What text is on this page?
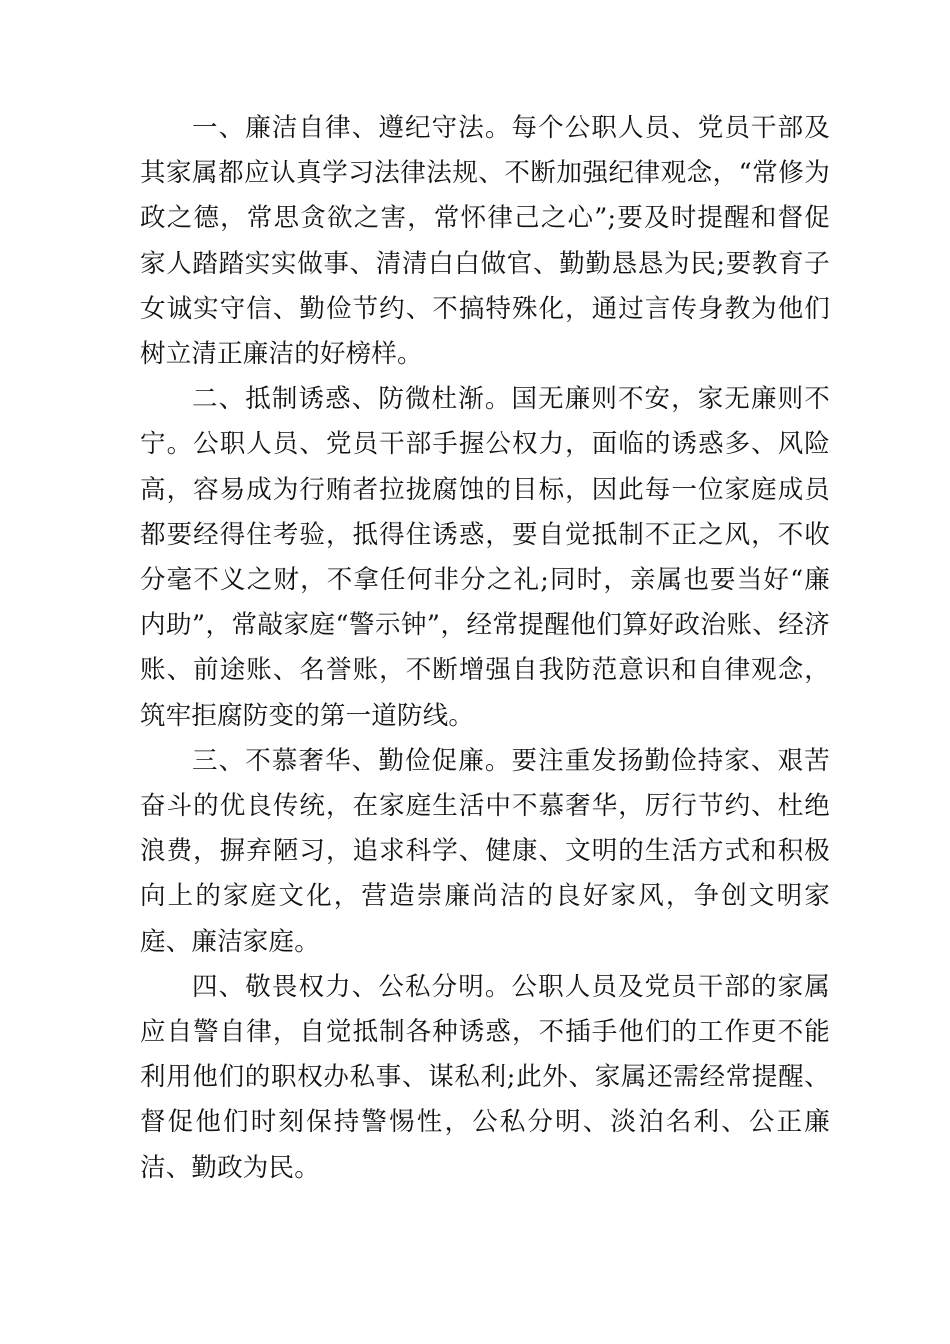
一、廉洁自律、遵纪守法。每个公职人员、党员干部及其家属都应认真学习法律法规、不断加强纪律观念，“常修为政之德，常思贪欲之害，常怀律己之心”;要及时提醒和督促家人踏踏实实做事、清清白白做官、勤勤恳恳为民;要教育子女诚实守信、勤俭节约、不搞特殊化，通过言传身教为他们树立清正廉洁的好榜样。

二、抵制诱惑、防微杜渐。国无廉则不安，家无廉则不宁。公职人员、党员干部手握公权力，面临的诱惑多、风险高，容易成为行贿者拉拢腐蚀的目标，因此每一位家庭成员都要经得住考验，抵得住诱惑，要自觉抵制不正之风，不收分毫不义之财，不拿任何非分之礼;同时，亲属也要当好“廉内助”，常敲家庭“警示钟”，经常提醒他们算好政治账、经济账、前途账、名誉账，不断增强自我防范意识和自律观念，筑牢拒腐防变的第一道防线。

三、不慕奢华、勤俭促廉。要注重发扬勤俭持家、艰苦奋斗的优良传统，在家庭生活中不慕奢华，厉行节约、杜绝浪费，摒弃陋习，追求科学、健康、文明的生活方式和积极向上的家庭文化，营造崇廉尚洁的良好家风，争创文明家庭、廉洁家庭。

四、敬畏权力、公私分明。公职人员及党员干部的家属应自警自律，自觉抵制各种诱惑，不插手他们的工作更不能利用他们的职权办私事、谋私利;此外、家属还需经常提醒、督促他们时刻保持警惕性，公私分明、淡泊名利、公正廉洁、勤政为民。
